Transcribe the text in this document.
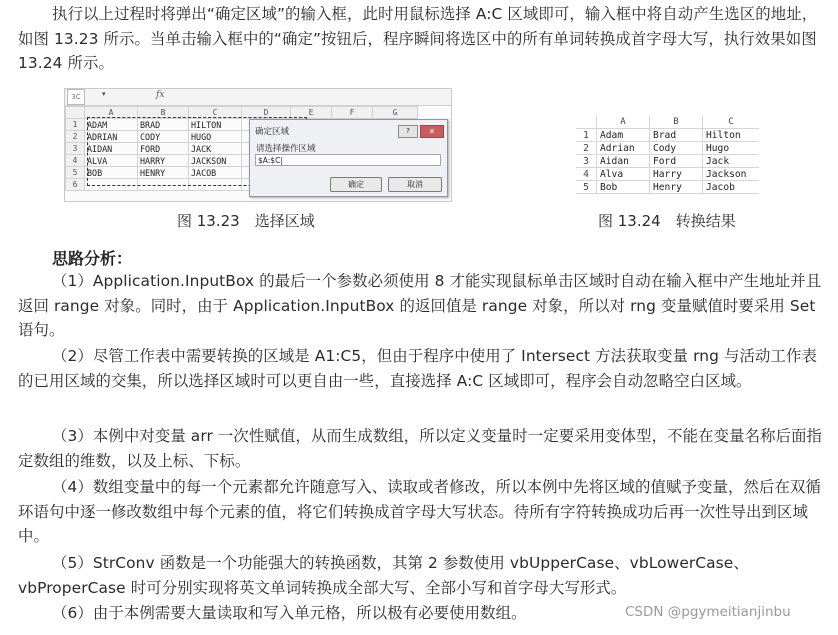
执行以上过程时将弹出“确定区域”的输入框，此时用鼠标选择 A:C 区域即可，输入框中将自动产生选区的地址，如图 13.23 所示。当单击输入框中的“确定”按钮后，程序瞬间将选区中的所有单词转换成首字母大写，执行效果如图 13.24 所示。

3C	▾	fx
	A	B	C	D	E	F	G
1	ADAM	BRAD	HILTON				
2	ADRIAN	CODY	HUGO				
3	AIDAN	FORD	JACK				
4	ALVA	HARRY	JACKSON				
5	BOB	HENRY	JACOB				
6							
确定区域	?	✕
请选择操作区域
$A:$C|
确定	取消
	A	B	C
1	Adam	Brad	Hilton
2	Adrian	Cody	Hugo
3	Aidan	Ford	Jack
4	Alva	Harry	Jackson
5	Bob	Henry	Jacob
图 13.23　选择区域	图 13.24　转换结果
思路分析：

（1）Application.InputBox 的最后一个参数必须使用 8 才能实现鼠标单击区域时自动在输入框中产生地址并且返回 range 对象。同时，由于 Application.InputBox 的返回值是 range 对象，所以对 rng 变量赋值时要采用 Set 语句。

（2）尽管工作表中需要转换的区域是 A1:C5，但由于程序中使用了 Intersect 方法获取变量 rng 与活动工作表的已用区域的交集，所以选择区域时可以更自由一些，直接选择 A:C 区域即可，程序会自动忽略空白区域。

（3）本例中对变量 arr 一次性赋值，从而生成数组，所以定义变量时一定要采用变体型，不能在变量名称后面指定数组的维数，以及上标、下标。

（4）数组变量中的每一个元素都允许随意写入、读取或者修改，所以本例中先将区域的值赋予变量，然后在双循环语句中逐一修改数组中每个元素的值，将它们转换成首字母大写状态。待所有字符转换成功后再一次性导出到区域中。

（5）StrConv 函数是一个功能强大的转换函数，其第 2 参数使用 vbUpperCase、vbLowerCase、vbProperCase 时可分别实现将英文单词转换成全部大写、全部小写和首字母大写形式。

（6）由于本例需要大量读取和写入单元格，所以极有必要使用数组。	CSDN @pgymeitianjinbu
